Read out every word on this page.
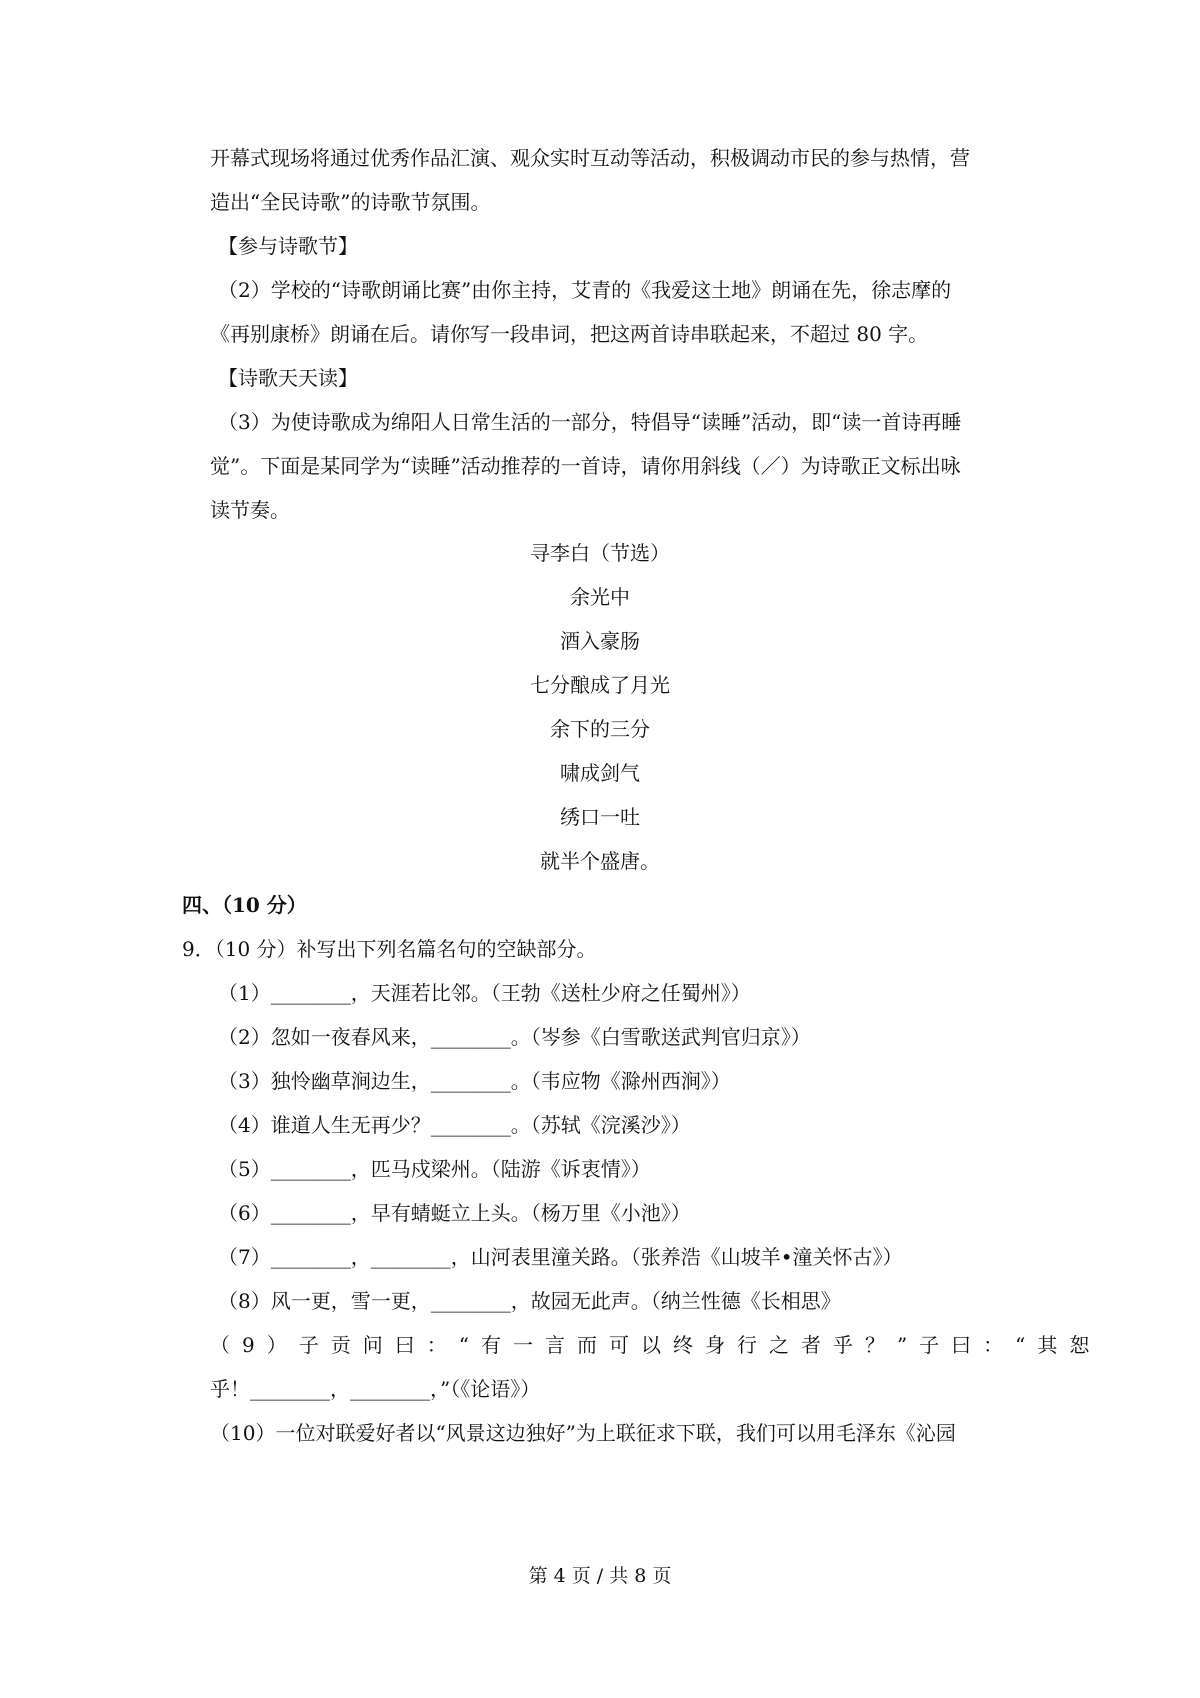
开幕式现场将通过优秀作品汇演、观众实时互动等活动，积极调动市民的参与热情，营
造出“全民诗歌”的诗歌节氛围。
【参与诗歌节】
（2）学校的“诗歌朗诵比赛”由你主持，艾青的《我爱这土地》朗诵在先，徐志摩的
《再别康桥》朗诵在后。请你写一段串词，把这两首诗串联起来，不超过 80 字。
【诗歌天天读】
（3）为使诗歌成为绵阳人日常生活的一部分，特倡导“读睡”活动，即“读一首诗再睡
觉”。下面是某同学为“读睡”活动推荐的一首诗，请你用斜线（／）为诗歌正文标出咏
读节奏。
寻李白（节选）
余光中
酒入豪肠
七分酿成了月光
余下的三分
啸成剑气
绣口一吐
就半个盛唐。
四、（10 分）
9．（10 分）补写出下列名篇名句的空缺部分。
（1）________，天涯若比邻。（王勃《送杜少府之任蜀州》）
（2）忽如一夜春风来，________。（岑参《白雪歌送武判官归京》）
（3）独怜幽草涧边生，________。（韦应物《滁州西涧》）
（4）谁道人生无再少？________。（苏轼《浣溪沙》）
（5）________，匹马戍梁州。（陆游《诉衷情》）
（6）________，早有蜻蜓立上头。（杨万里《小池》）
（7）________，________，山河表里潼关路。（张养浩《山坡羊•潼关怀古》）
（8）风一更，雪一更，________，故园无此声。（纳兰性德《长相思》
（9）子贡问曰：“有一言而可以终身行之者乎？”子曰：“其恕
乎！________，________，”（《论语》）
（10）一位对联爱好者以“风景这边独好”为上联征求下联，我们可以用毛泽东《沁园
第 4 页 / 共 8 页
